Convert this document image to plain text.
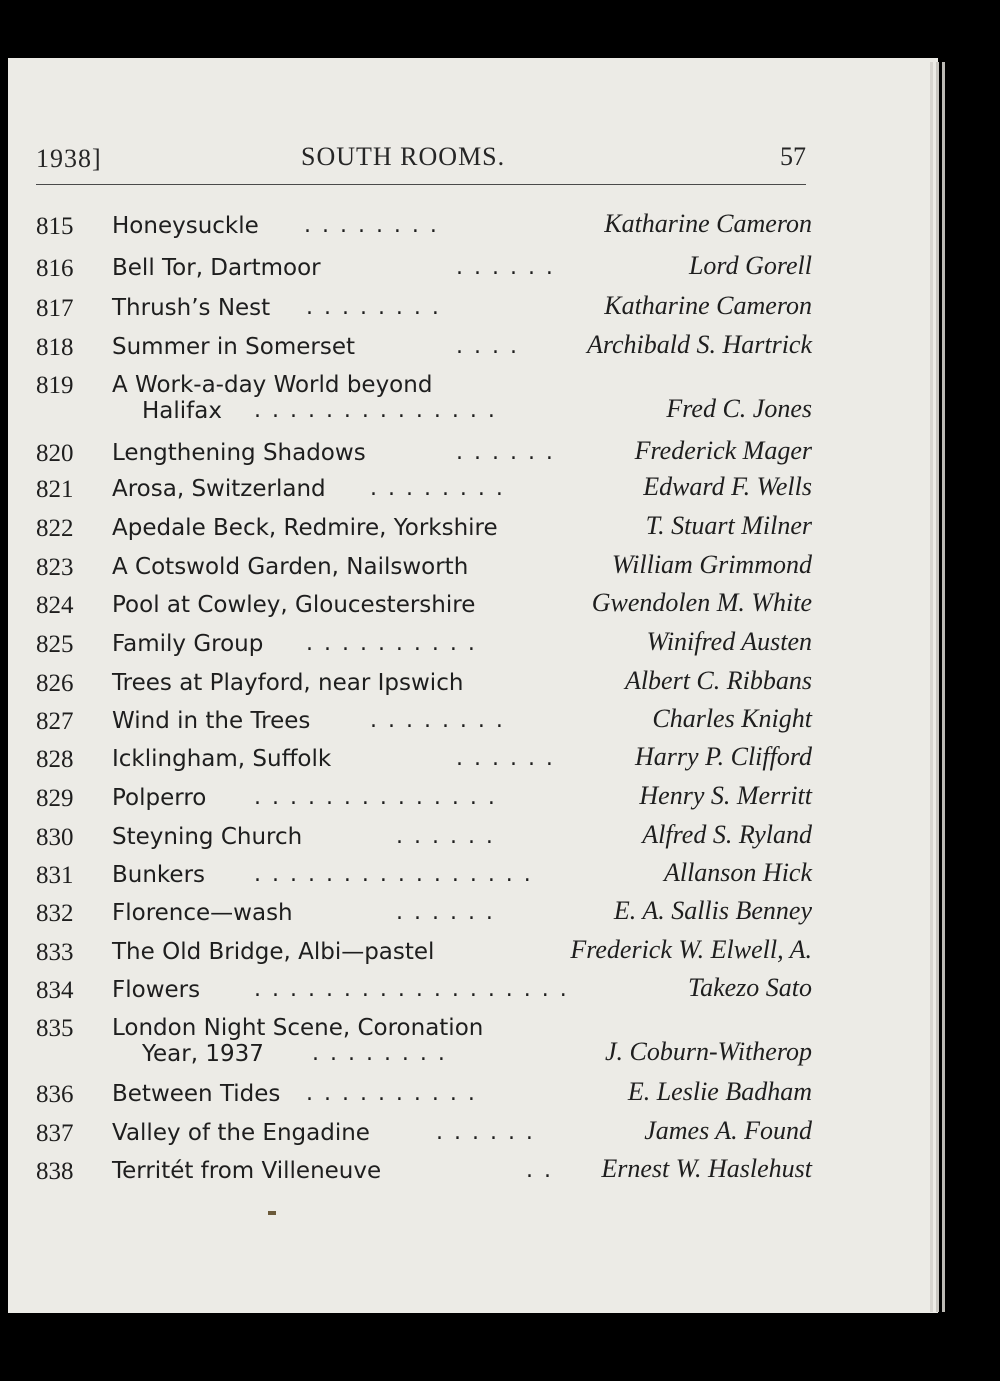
1938]	SOUTH ROOMS.	57
815	Honeysuckle . . . . . . . .	Katharine Cameron
816	Bell Tor, Dartmoor	. . . . . .	Lord Gorell
817	Thrush’s Nest . . . . . . . .	Katharine Cameron
818	Summer in Somerset	. . . .	Archibald S. Hartrick
819	A Work-a-day World beyond
Halifax . . . . . . . . . . . . . .	Fred C. Jones
820	Lengthening Shadows	. . . . . .	Frederick Mager
821	Arosa, Switzerland . . . . . . . .	Edward F. Wells
822	Apedale Beck, Redmire, Yorkshire	T. Stuart Milner
823	A Cotswold Garden, Nailsworth	William Grimmond
824	Pool at Cowley, Gloucestershire	Gwendolen M. White
825	Family Group . . . . . . . . . .	Winifred Austen
826	Trees at Playford, near Ipswich	Albert C. Ribbans
827	Wind in the Trees	. . . . . . . .	Charles Knight
828	Icklingham, Suffolk	. . . . . .	Harry P. Clifford
829	Polperro . . . . . . . . . . . . . .	Henry S. Merritt
830	Steyning Church	. . . . . .	Alfred S. Ryland
831	Bunkers . . . . . . . . . . . . . . . .	Allanson Hick
832	Florence—wash	. . . . . .	E. A. Sallis Benney
833	The Old Bridge, Albi—pastel	Frederick W. Elwell, A.
834	Flowers . . . . . . . . . . . . . . . . . .	Takezo Sato
835	London Night Scene, Coronation
Year, 1937 . . . . . . . .	J. Coburn-Witherop
836	Between Tides . . . . . . . . . .	E. Leslie Badham
837	Valley of the Engadine	. . . . . .	James A. Found
838	Territét from Villeneuve	. . Ernest W. Haslehust
